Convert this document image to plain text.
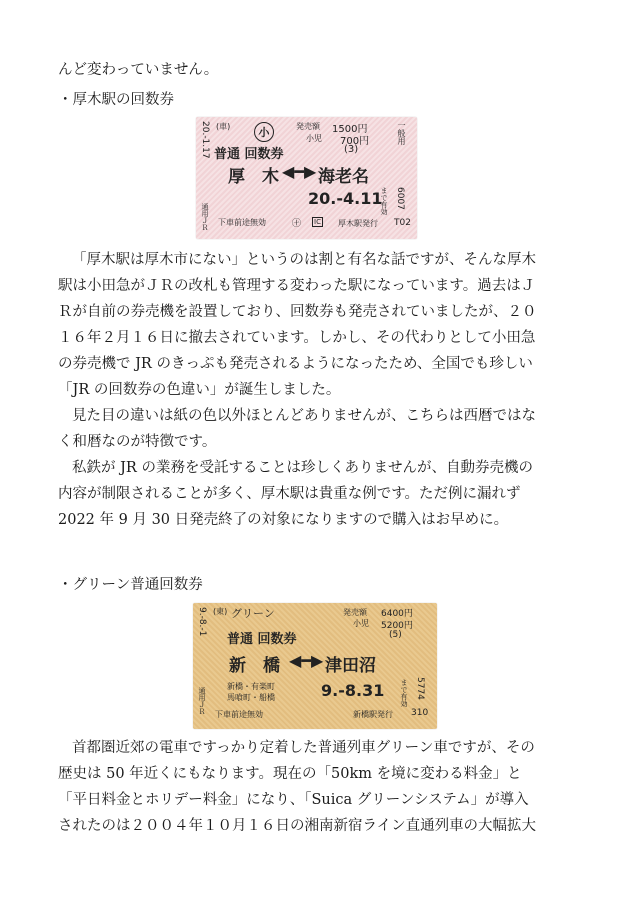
んど変わっていません。

・厚木駅の回数券

20.-1.17 (車)	小	発売額 1500円
小児 700円
(3)
一般用
普通 回数券
厚　木 ◀━▶ 海老名
20.-4.11
まで有効 6007
通用ＪＲ 下車前途無効	㊉ IC 厚木駅発行 T02

「厚木駅は厚木市にない」というのは割と有名な話ですが、そんな厚木

駅は小田急がＪＲの改札も管理する変わった駅になっています。過去はＪ

Ｒが自前の券売機を設置しており、回数券も発売されていましたが、２０

１６年２月１６日に撤去されています。しかし、その代わりとして小田急

の券売機で JR のきっぷも発売されるようになったため、全国でも珍しい

「JR の回数券の色違い」が誕生しました。

見た目の違いは紙の色以外ほとんどありませんが、こちらは西暦ではな

く和暦なのが特徴です。

私鉄が JR の業務を受託することは珍しくありませんが、自動券売機の

内容が制限されることが多く、厚木駅は貴重な例です。ただ例に漏れず

2022 年 9 月 30 日発売終了の対象になりますので購入はお早めに。

・グリーン普通回数券

9.-8.-1 (東) グリーン	発売額 6400円
小児 5200円
(5)
普通 回数券
新　橋 ◀━▶ 津田沼
新橋・有楽町
馬喰町・船橋	9.-8.31 まで有効 5774
通用ＪＲ 下車前途無効	新橋駅発行 310

首都圏近郊の電車ですっかり定着した普通列車グリーン車ですが、その

歴史は 50 年近くにもなります。現在の「50km を境に変わる料金」と

「平日料金とホリデー料金」になり、「Suica グリーンシステム」が導入

されたのは２００４年１０月１６日の湘南新宿ライン直通列車の大幅拡大
